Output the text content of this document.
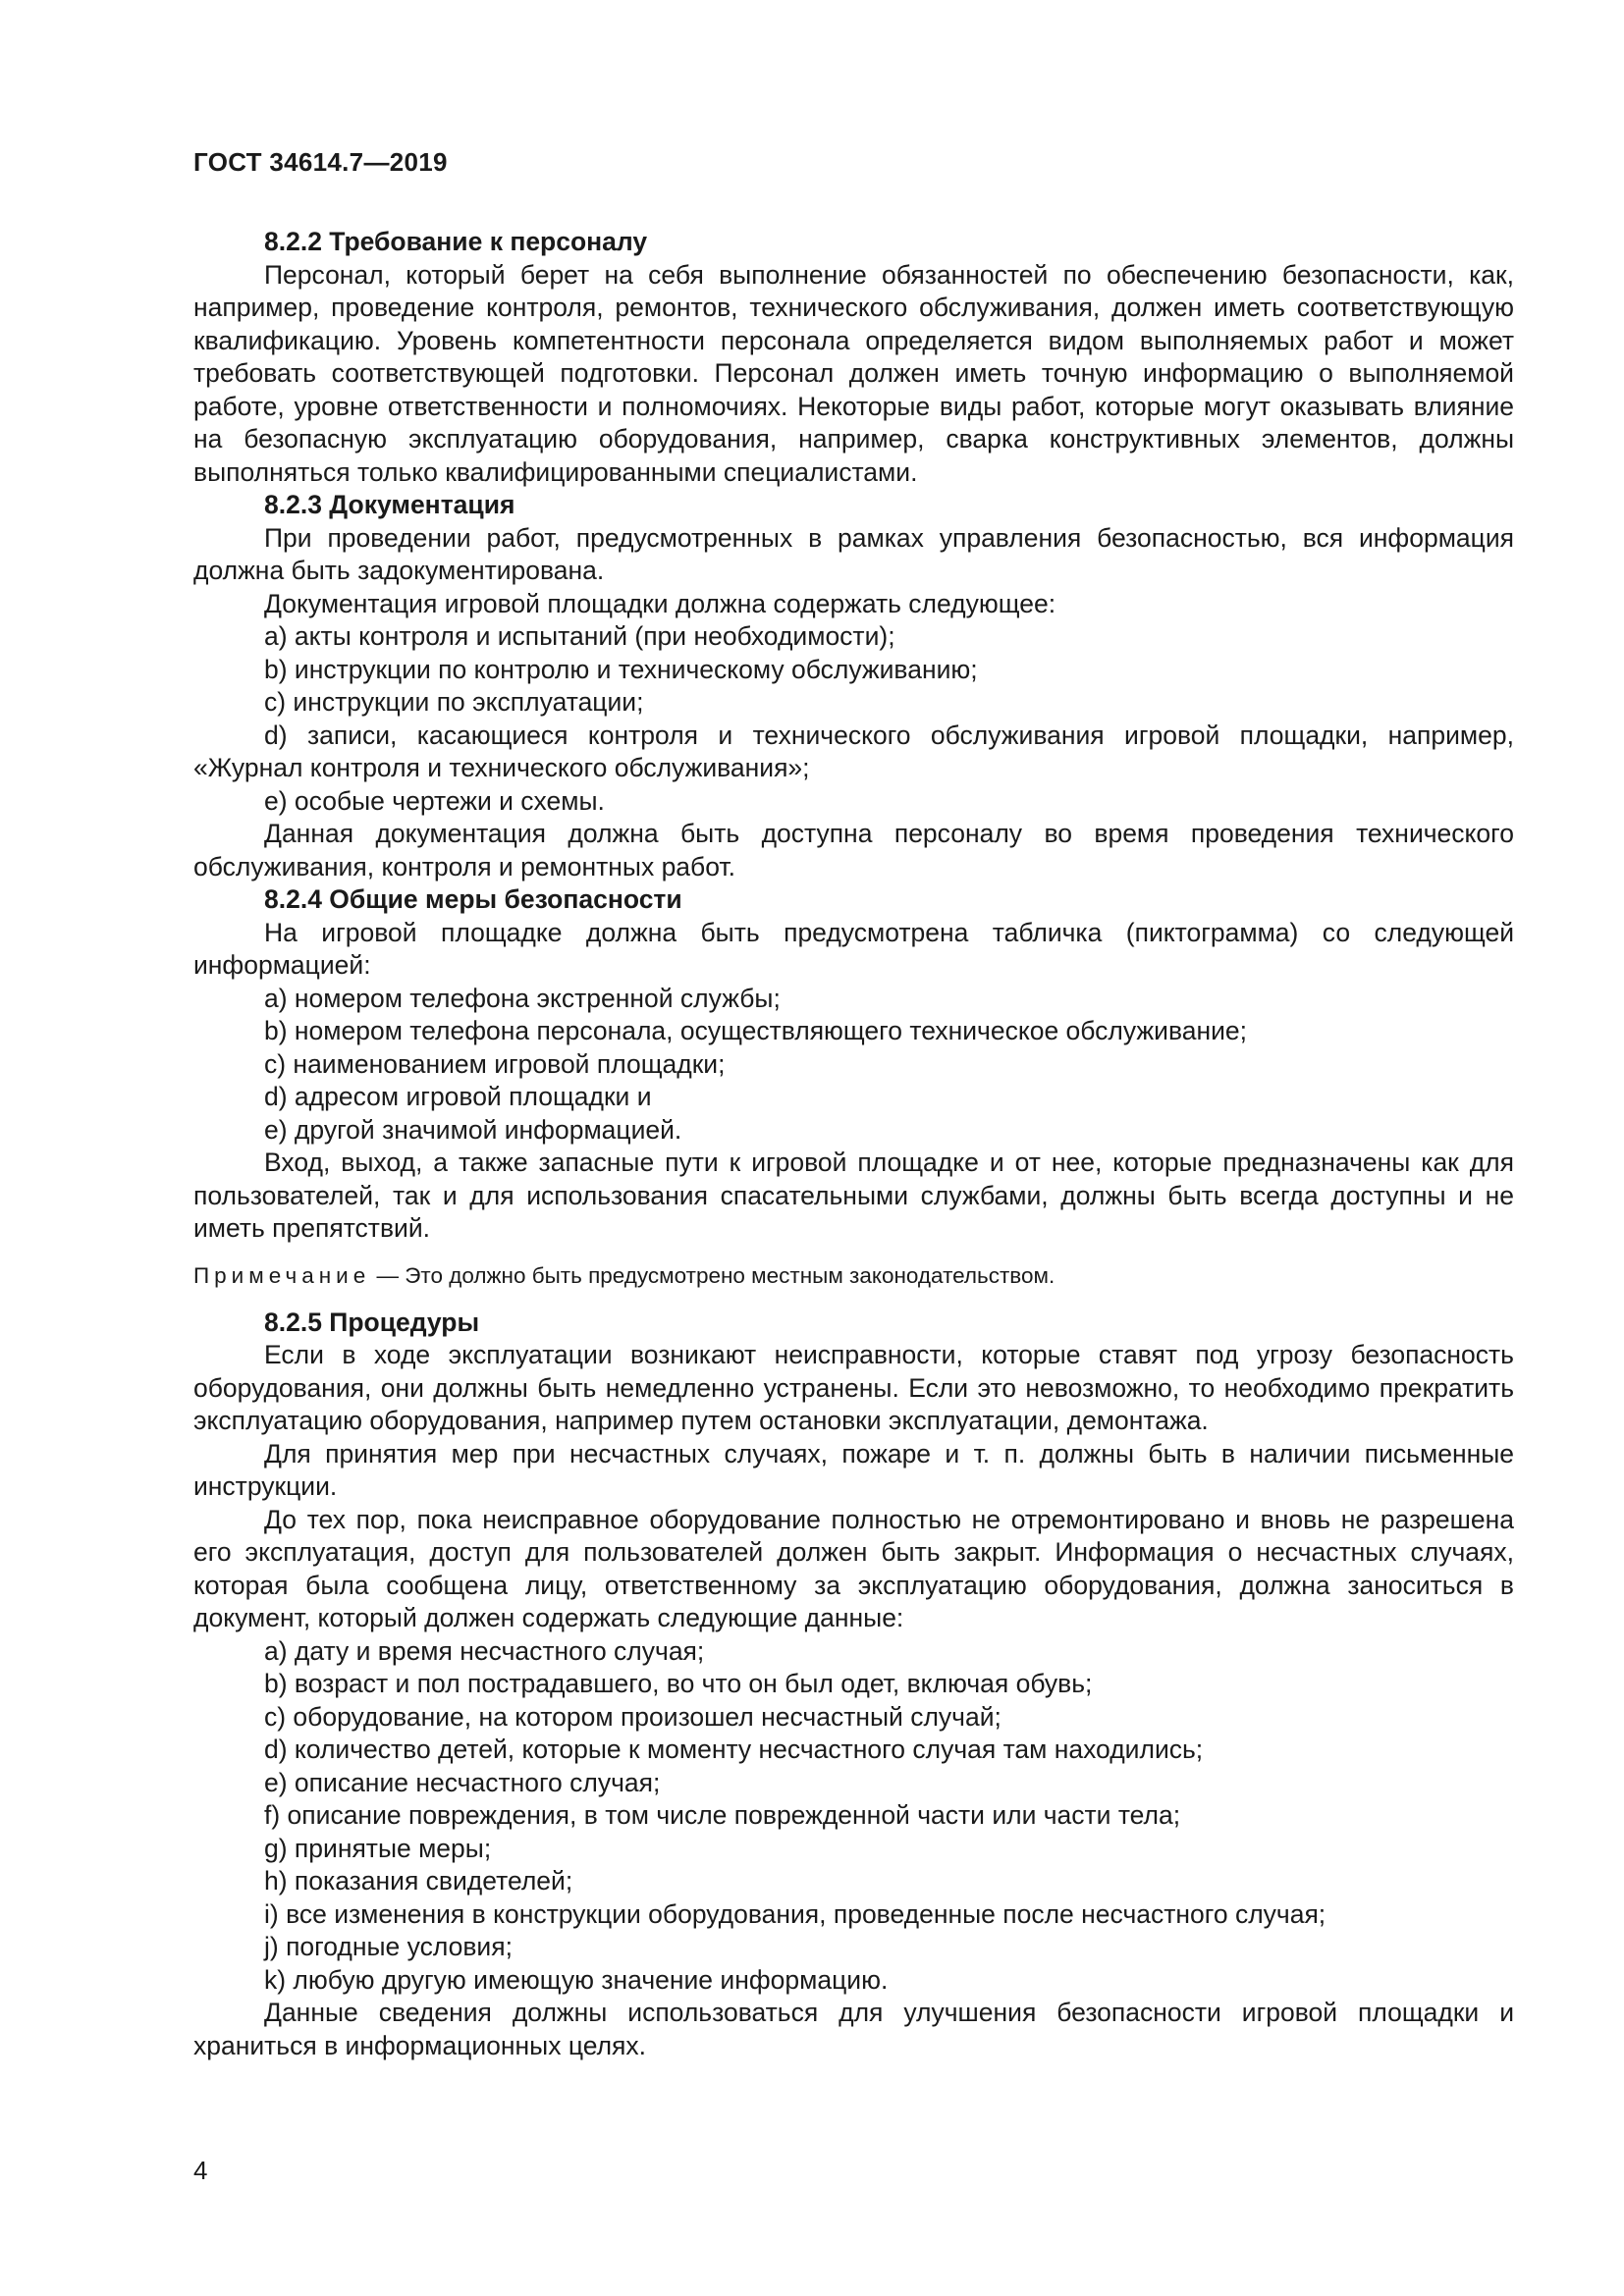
ГОСТ 34614.7—2019

8.2.2 Требование к персоналу

Персонал, который берет на себя выполнение обязанностей по обеспечению безопасности, как, например, проведение контроля, ремонтов, технического обслуживания, должен иметь соответствующую квалификацию. Уровень компетентности персонала определяется видом выполняемых работ и может требовать соответствующей подготовки. Персонал должен иметь точную информацию о выполняемой работе, уровне ответственности и полномочиях. Некоторые виды работ, которые могут оказывать влияние на безопасную эксплуатацию оборудования, например, сварка конструктивных элементов, должны выполняться только квалифицированными специалистами.

8.2.3 Документация

При проведении работ, предусмотренных в рамках управления безопасностью, вся информация должна быть задокументирована.

Документация игровой площадки должна содержать следующее:

a) акты контроля и испытаний (при необходимости);

b) инструкции по контролю и техническому обслуживанию;

c) инструкции по эксплуатации;

d) записи, касающиеся контроля и технического обслуживания игровой площадки, например, «Журнал контроля и технического обслуживания»;

e) особые чертежи и схемы.

Данная документация должна быть доступна персоналу во время проведения технического обслуживания, контроля и ремонтных работ.

8.2.4 Общие меры безопасности

На игровой площадке должна быть предусмотрена табличка (пиктограмма) со следующей информацией:

a) номером телефона экстренной службы;

b) номером телефона персонала, осуществляющего техническое обслуживание;

c) наименованием игровой площадки;

d) адресом игровой площадки и

e) другой значимой информацией.

Вход, выход, а также запасные пути к игровой площадке и от нее, которые предназначены как для пользователей, так и для использования спасательными службами, должны быть всегда доступны и не иметь препятствий.

Примечание — Это должно быть предусмотрено местным законодательством.

8.2.5 Процедуры

Если в ходе эксплуатации возникают неисправности, которые ставят под угрозу безопасность оборудования, они должны быть немедленно устранены. Если это невозможно, то необходимо прекратить эксплуатацию оборудования, например путем остановки эксплуатации, демонтажа.

Для принятия мер при несчастных случаях, пожаре и т. п. должны быть в наличии письменные инструкции.

До тех пор, пока неисправное оборудование полностью не отремонтировано и вновь не разрешена его эксплуатация, доступ для пользователей должен быть закрыт. Информация о несчастных случаях, которая была сообщена лицу, ответственному за эксплуатацию оборудования, должна заноситься в документ, который должен содержать следующие данные:

a) дату и время несчастного случая;

b) возраст и пол пострадавшего, во что он был одет, включая обувь;

c) оборудование, на котором произошел несчастный случай;

d) количество детей, которые к моменту несчастного случая там находились;

e) описание несчастного случая;

f) описание повреждения, в том числе поврежденной части или части тела;

g) принятые меры;

h) показания свидетелей;

i) все изменения в конструкции оборудования, проведенные после несчастного случая;

j) погодные условия;

k) любую другую имеющую значение информацию.

Данные сведения должны использоваться для улучшения безопасности игровой площадки и храниться в информационных целях.

4
